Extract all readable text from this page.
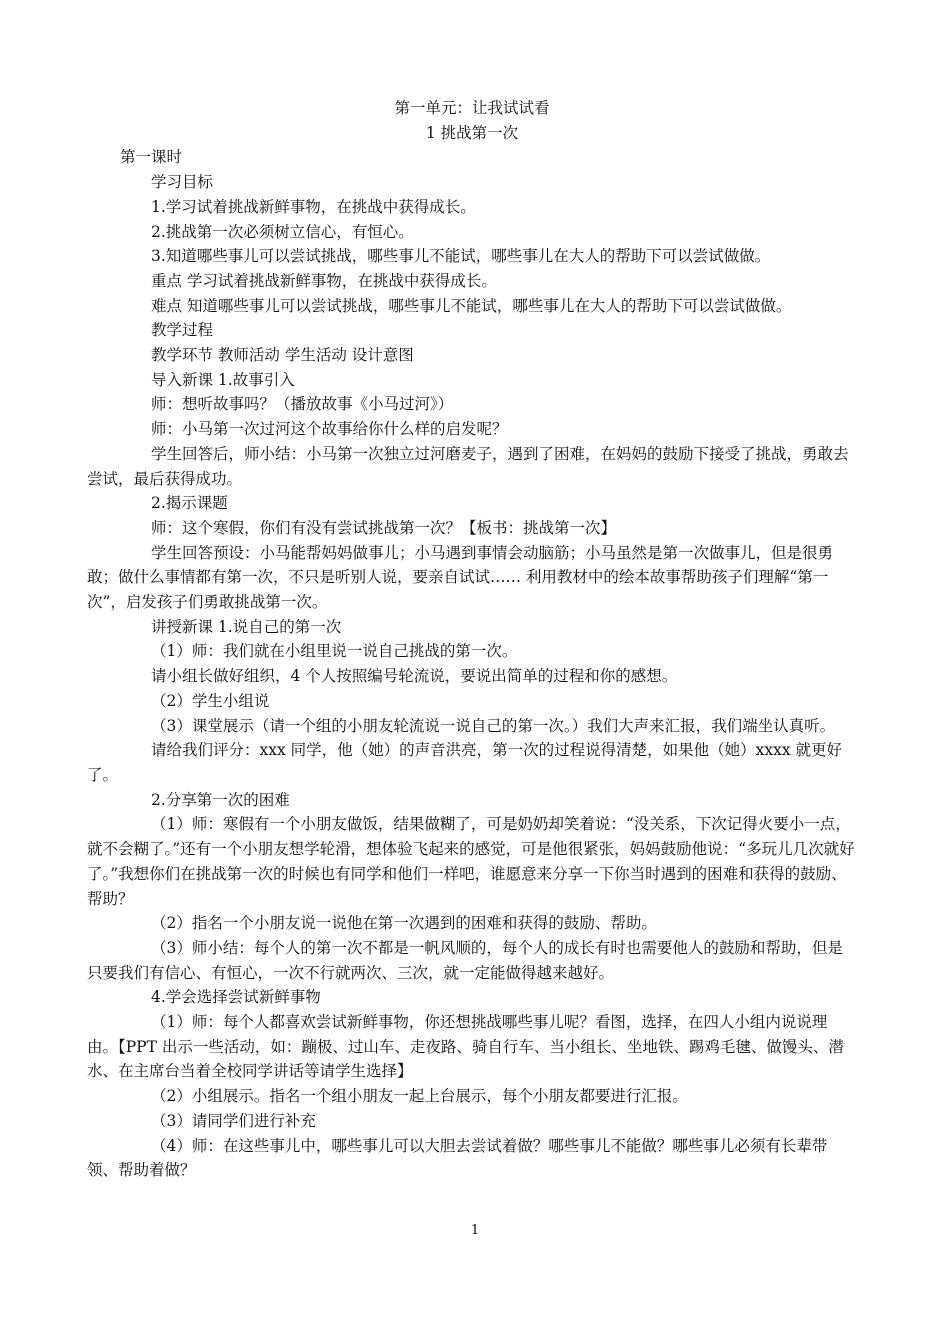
第一单元：让我试试看

1 挑战第一次

第一课时

学习目标

1.学习试着挑战新鲜事物，在挑战中获得成长。

2.挑战第一次必须树立信心，有恒心。

3.知道哪些事儿可以尝试挑战，哪些事儿不能试，哪些事儿在大人的帮助下可以尝试做做。

重点 学习试着挑战新鲜事物，在挑战中获得成长。

难点 知道哪些事儿可以尝试挑战，哪些事儿不能试，哪些事儿在大人的帮助下可以尝试做做。

教学过程

教学环节 教师活动 学生活动 设计意图

导入新课 1.故事引入

师：想听故事吗？（播放故事《小马过河》）

师：小马第一次过河这个故事给你什么样的启发呢？

学生回答后，师小结：小马第一次独立过河磨麦子，遇到了困难，在妈妈的鼓励下接受了挑战，勇敢去尝试，最后获得成功。

2.揭示课题

师：这个寒假，你们有没有尝试挑战第一次？【板书：挑战第一次】

学生回答预设：小马能帮妈妈做事儿；小马遇到事情会动脑筋；小马虽然是第一次做事儿，但是很勇敢；做什么事情都有第一次，不只是听别人说，要亲自试试…… 利用教材中的绘本故事帮助孩子们理解“第一次”，启发孩子们勇敢挑战第一次。

讲授新课 1.说自己的第一次

（1）师：我们就在小组里说一说自己挑战的第一次。

请小组长做好组织，4 个人按照编号轮流说，要说出简单的过程和你的感想。

（2）学生小组说

（3）课堂展示（请一个组的小朋友轮流说一说自己的第一次。）我们大声来汇报，我们端坐认真听。

请给我们评分：xxx 同学，他（她）的声音洪亮，第一次的过程说得清楚，如果他（她）xxxx 就更好了。

2.分享第一次的困难

（1）师：寒假有一个小朋友做饭，结果做糊了，可是奶奶却笑着说：“没关系，下次记得火要小一点，就不会糊了。”还有一个小朋友想学轮滑，想体验飞起来的感觉，可是他很紧张，妈妈鼓励他说：“多玩儿几次就好了。”我想你们在挑战第一次的时候也有同学和他们一样吧，谁愿意来分享一下你当时遇到的困难和获得的鼓励、帮助？

（2）指名一个小朋友说一说他在第一次遇到的困难和获得的鼓励、帮助。

（3）师小结：每个人的第一次不都是一帆风顺的，每个人的成长有时也需要他人的鼓励和帮助，但是只要我们有信心、有恒心，一次不行就两次、三次，就一定能做得越来越好。

4.学会选择尝试新鲜事物

（1）师：每个人都喜欢尝试新鲜事物，你还想挑战哪些事儿呢？看图，选择，在四人小组内说说理由。【PPT 出示一些活动，如：蹦极、过山车、走夜路、骑自行车、当小组长、坐地铁、踢鸡毛毽、做馒头、潜水、在主席台当着全校同学讲话等请学生选择】

（2）小组展示。指名一个组小朋友一起上台展示，每个小朋友都要进行汇报。

（3）请同学们进行补充

（4）师：在这些事儿中，哪些事儿可以大胆去尝试着做？哪些事儿不能做？哪些事儿必须有长辈带领、帮助着做？

1
